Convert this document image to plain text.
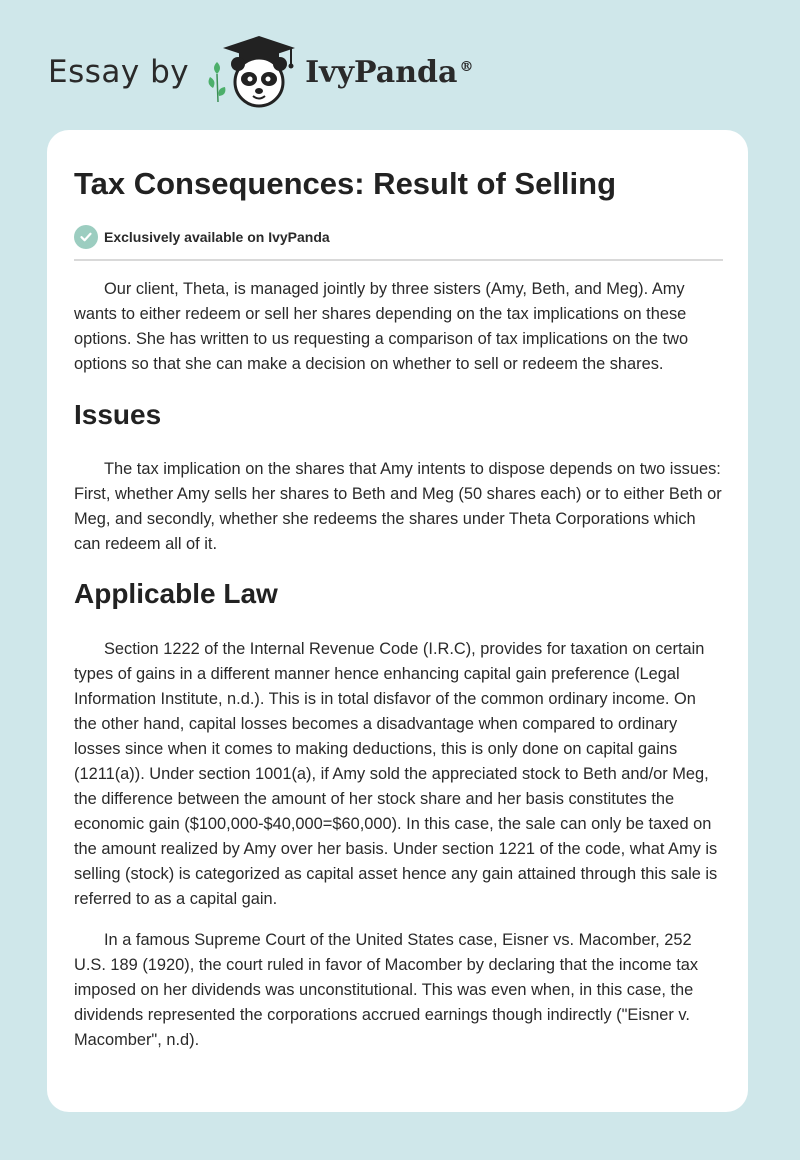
Essay by	IvyPanda ®
Tax Consequences: Result of Selling
Exclusively available on IvyPanda

Our client, Theta, is managed jointly by three sisters (Amy, Beth, and Meg). Amy wants to either redeem or sell her shares depending on the tax implications on these options. She has written to us requesting a comparison of tax implications on the two options so that she can make a decision on whether to sell or redeem the shares.

Issues

The tax implication on the shares that Amy intents to dispose depends on two issues: First, whether Amy sells her shares to Beth and Meg (50 shares each) or to either Beth or Meg, and secondly, whether she redeems the shares under Theta Corporations which can redeem all of it.

Applicable Law

Section 1222 of the Internal Revenue Code (I.R.C), provides for taxation on certain types of gains in a different manner hence enhancing capital gain preference (Legal Information Institute, n.d.). This is in total disfavor of the common ordinary income. On the other hand, capital losses becomes a disadvantage when compared to ordinary losses since when it comes to making deductions, this is only done on capital gains (1211(a)). Under section 1001(a), if Amy sold the appreciated stock to Beth and/or Meg, the difference between the amount of her stock share and her basis constitutes the economic gain ($100,000-$40,000=$60,000). In this case, the sale can only be taxed on the amount realized by Amy over her basis. Under section 1221 of the code, what Amy is selling (stock) is categorized as capital asset hence any gain attained through this sale is referred to as a capital gain.

In a famous Supreme Court of the United States case, Eisner vs. Macomber, 252 U.S. 189 (1920), the court ruled in favor of Macomber by declaring that the income tax imposed on her dividends was unconstitutional. This was even when, in this case, the dividends represented the corporations accrued earnings though indirectly ("Eisner v. Macomber", n.d).
